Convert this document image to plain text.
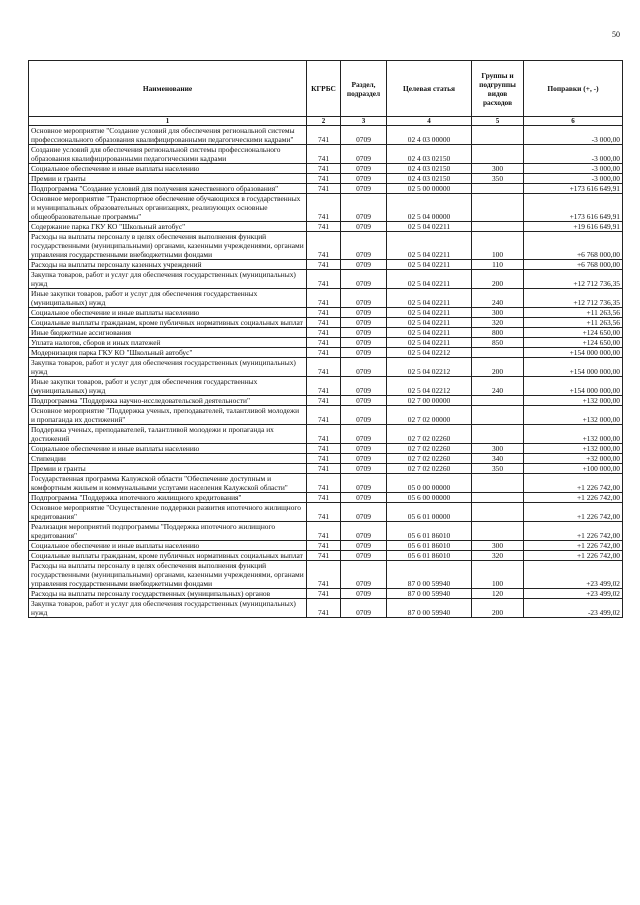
50
Наименование	КГРБС	Раздел, подраздел	Целевая статья	Группы и подгруппы видов расходов	Поправки (+, -)
1	2	3	4	5	6
Основное мероприятие "Создание условий для обеспечения региональной системы профессионального образования квалифицированными педагогическими кадрами"	741	0709	02 4 03 00000		-3 000,00
Создание условий для обеспечения региональной системы профессионального образования квалифицированными педагогическими кадрами	741	0709	02 4 03 02150		-3 000,00
Социальное обеспечение и иные выплаты населению	741	0709	02 4 03 02150	300	-3 000,00
Премии и гранты	741	0709	02 4 03 02150	350	-3 000,00
Подпрограмма "Создание условий для получения качественного образования"	741	0709	02 5 00 00000		+173 616 649,91
Основное мероприятие "Транспортное обеспечение обучающихся в государственных и муниципальных образовательных организациях, реализующих основные общеобразовательные программы"	741	0709	02 5 04 00000		+173 616 649,91
Содержание парка ГКУ КО "Школьный автобус"	741	0709	02 5 04 02211		+19 616 649,91
Расходы на выплаты персоналу в целях обеспечения выполнения функций государственными (муниципальными) органами, казенными учреждениями, органами управления государственными внебюджетными фондами	741	0709	02 5 04 02211	100	+6 768 000,00
Расходы на выплаты персоналу казенных учреждений	741	0709	02 5 04 02211	110	+6 768 000,00
Закупка товаров, работ и услуг для обеспечения государственных (муниципальных) нужд	741	0709	02 5 04 02211	200	+12 712 736,35
Иные закупки товаров, работ и услуг для обеспечения государственных (муниципальных) нужд	741	0709	02 5 04 02211	240	+12 712 736,35
Социальное обеспечение и иные выплаты населению	741	0709	02 5 04 02211	300	+11 263,56
Социальные выплаты гражданам, кроме публичных нормативных социальных выплат	741	0709	02 5 04 02211	320	+11 263,56
Иные бюджетные ассигнования	741	0709	02 5 04 02211	800	+124 650,00
Уплата налогов, сборов и иных платежей	741	0709	02 5 04 02211	850	+124 650,00
Модернизация парка ГКУ КО "Школьный автобус"	741	0709	02 5 04 02212		+154 000 000,00
Закупка товаров, работ и услуг для обеспечения государственных (муниципальных) нужд	741	0709	02 5 04 02212	200	+154 000 000,00
Иные закупки товаров, работ и услуг для обеспечения государственных (муниципальных) нужд	741	0709	02 5 04 02212	240	+154 000 000,00
Подпрограмма "Поддержка научно-исследовательской деятельности"	741	0709	02 7 00 00000		+132 000,00
Основное мероприятие "Поддержка ученых, преподавателей, талантливой молодежи и пропаганда их достижений"	741	0709	02 7 02 00000		+132 000,00
Поддержка ученых, преподавателей, талантливой молодежи и пропаганда их достижений	741	0709	02 7 02 02260		+132 000,00
Социальное обеспечение и иные выплаты населению	741	0709	02 7 02 02260	300	+132 000,00
Стипендии	741	0709	02 7 02 02260	340	+32 000,00
Премии и гранты	741	0709	02 7 02 02260	350	+100 000,00
Государственная программа Калужской области "Обеспечение доступным и комфортным жильем и коммунальными услугами населения Калужской области"	741	0709	05 0 00 00000		+1 226 742,00
Подпрограмма "Поддержка ипотечного жилищного кредитования"	741	0709	05 6 00 00000		+1 226 742,00
Основное мероприятие "Осуществление поддержки развития ипотечного жилищного кредитования"	741	0709	05 6 01 00000		+1 226 742,00
Реализация мероприятий подпрограммы "Поддержка ипотечного жилищного кредитования"	741	0709	05 6 01 86010		+1 226 742,00
Социальное обеспечение и иные выплаты населению	741	0709	05 6 01 86010	300	+1 226 742,00
Социальные выплаты гражданам, кроме публичных нормативных социальных выплат	741	0709	05 6 01 86010	320	+1 226 742,00
Расходы на выплаты персоналу в целях обеспечения выполнения функций государственными (муниципальными) органами, казенными учреждениями, органами управления государственными внебюджетными фондами	741	0709	87 0 00 59940	100	+23 499,02
Расходы на выплаты персоналу государственных (муниципальных) органов	741	0709	87 0 00 59940	120	+23 499,02
Закупка товаров, работ и услуг для обеспечения государственных (муниципальных) нужд	741	0709	87 0 00 59940	200	-23 499,02
